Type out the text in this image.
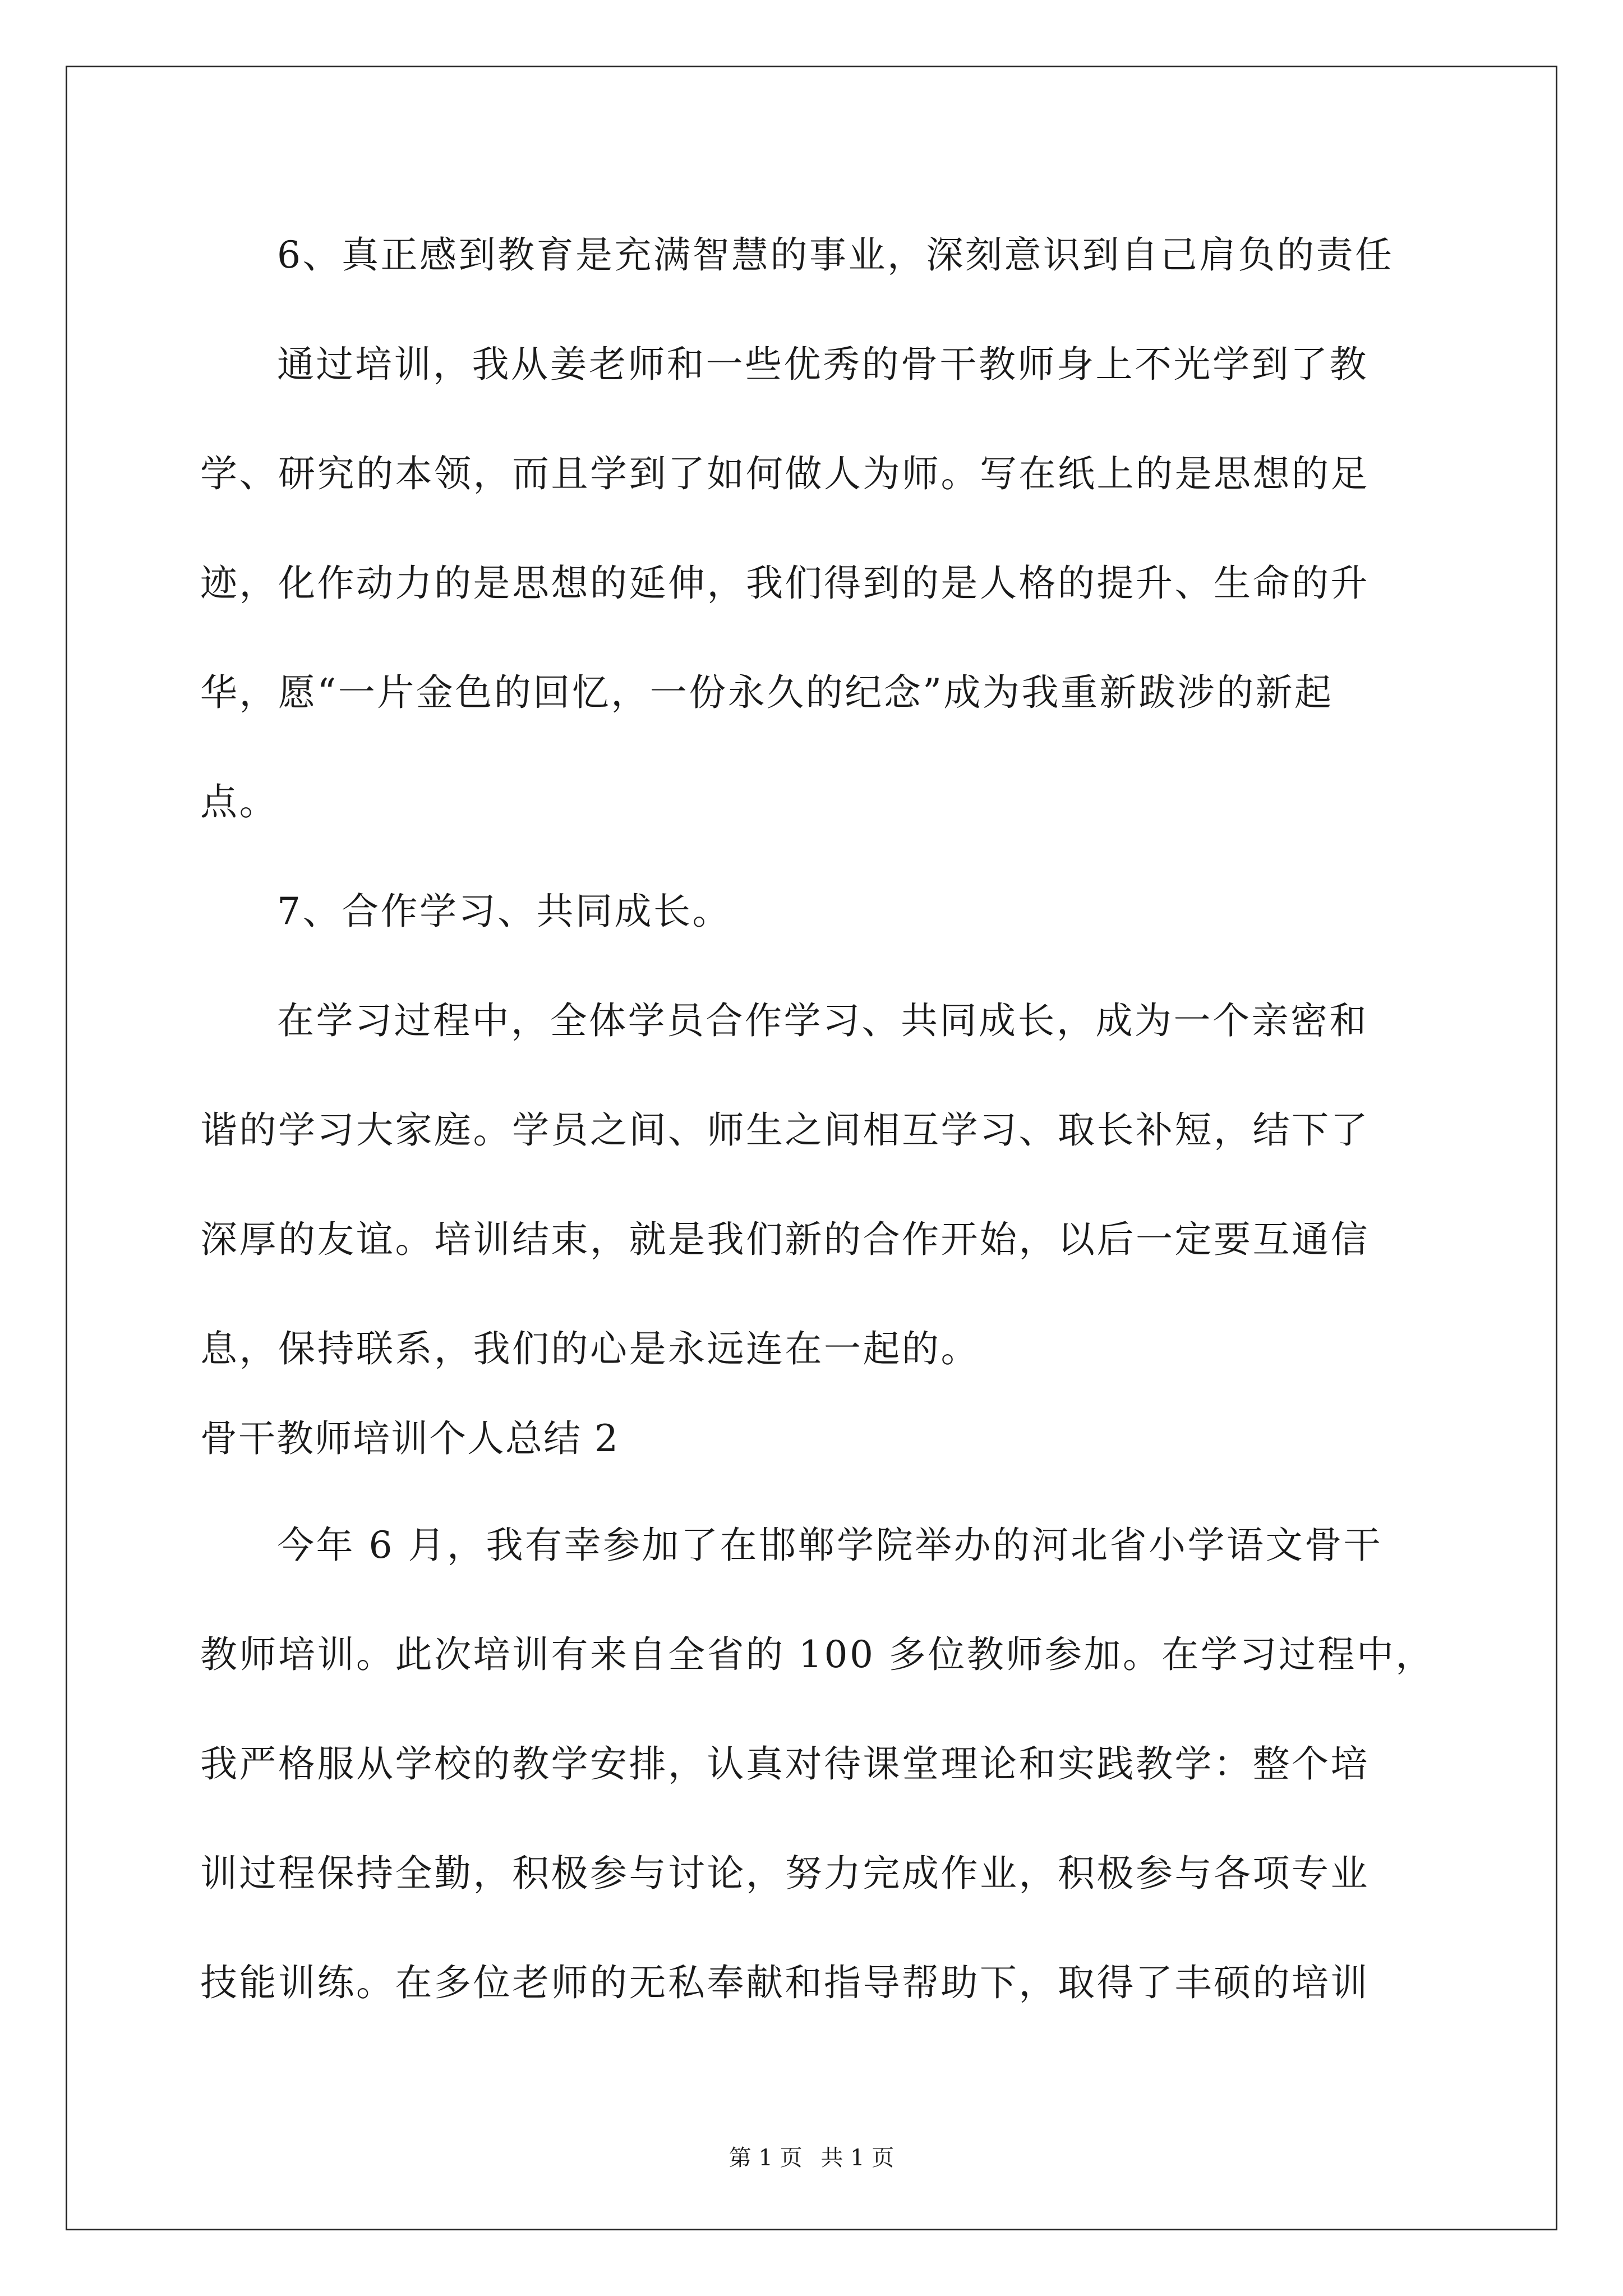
6、真正感到教育是充满智慧的事业，深刻意识到自己肩负的责任
通过培训，我从姜老师和一些优秀的骨干教师身上不光学到了教
学、研究的本领，而且学到了如何做人为师。写在纸上的是思想的足
迹，化作动力的是思想的延伸，我们得到的是人格的提升、生命的升
华，愿“一片金色的回忆，一份永久的纪念”成为我重新跋涉的新起
点。
7、合作学习、共同成长。
在学习过程中，全体学员合作学习、共同成长，成为一个亲密和
谐的学习大家庭。学员之间、师生之间相互学习、取长补短，结下了
深厚的友谊。培训结束，就是我们新的合作开始，以后一定要互通信
息，保持联系，我们的心是永远连在一起的。
骨干教师培训个人总结 2
今年 6 月，我有幸参加了在邯郸学院举办的河北省小学语文骨干
教师培训。此次培训有来自全省的 100 多位教师参加。在学习过程中，
我严格服从学校的教学安排，认真对待课堂理论和实践教学：整个培
训过程保持全勤，积极参与讨论，努力完成作业，积极参与各项专业
技能训练。在多位老师的无私奉献和指导帮助下，取得了丰硕的培训
第 1 页 共 1 页
